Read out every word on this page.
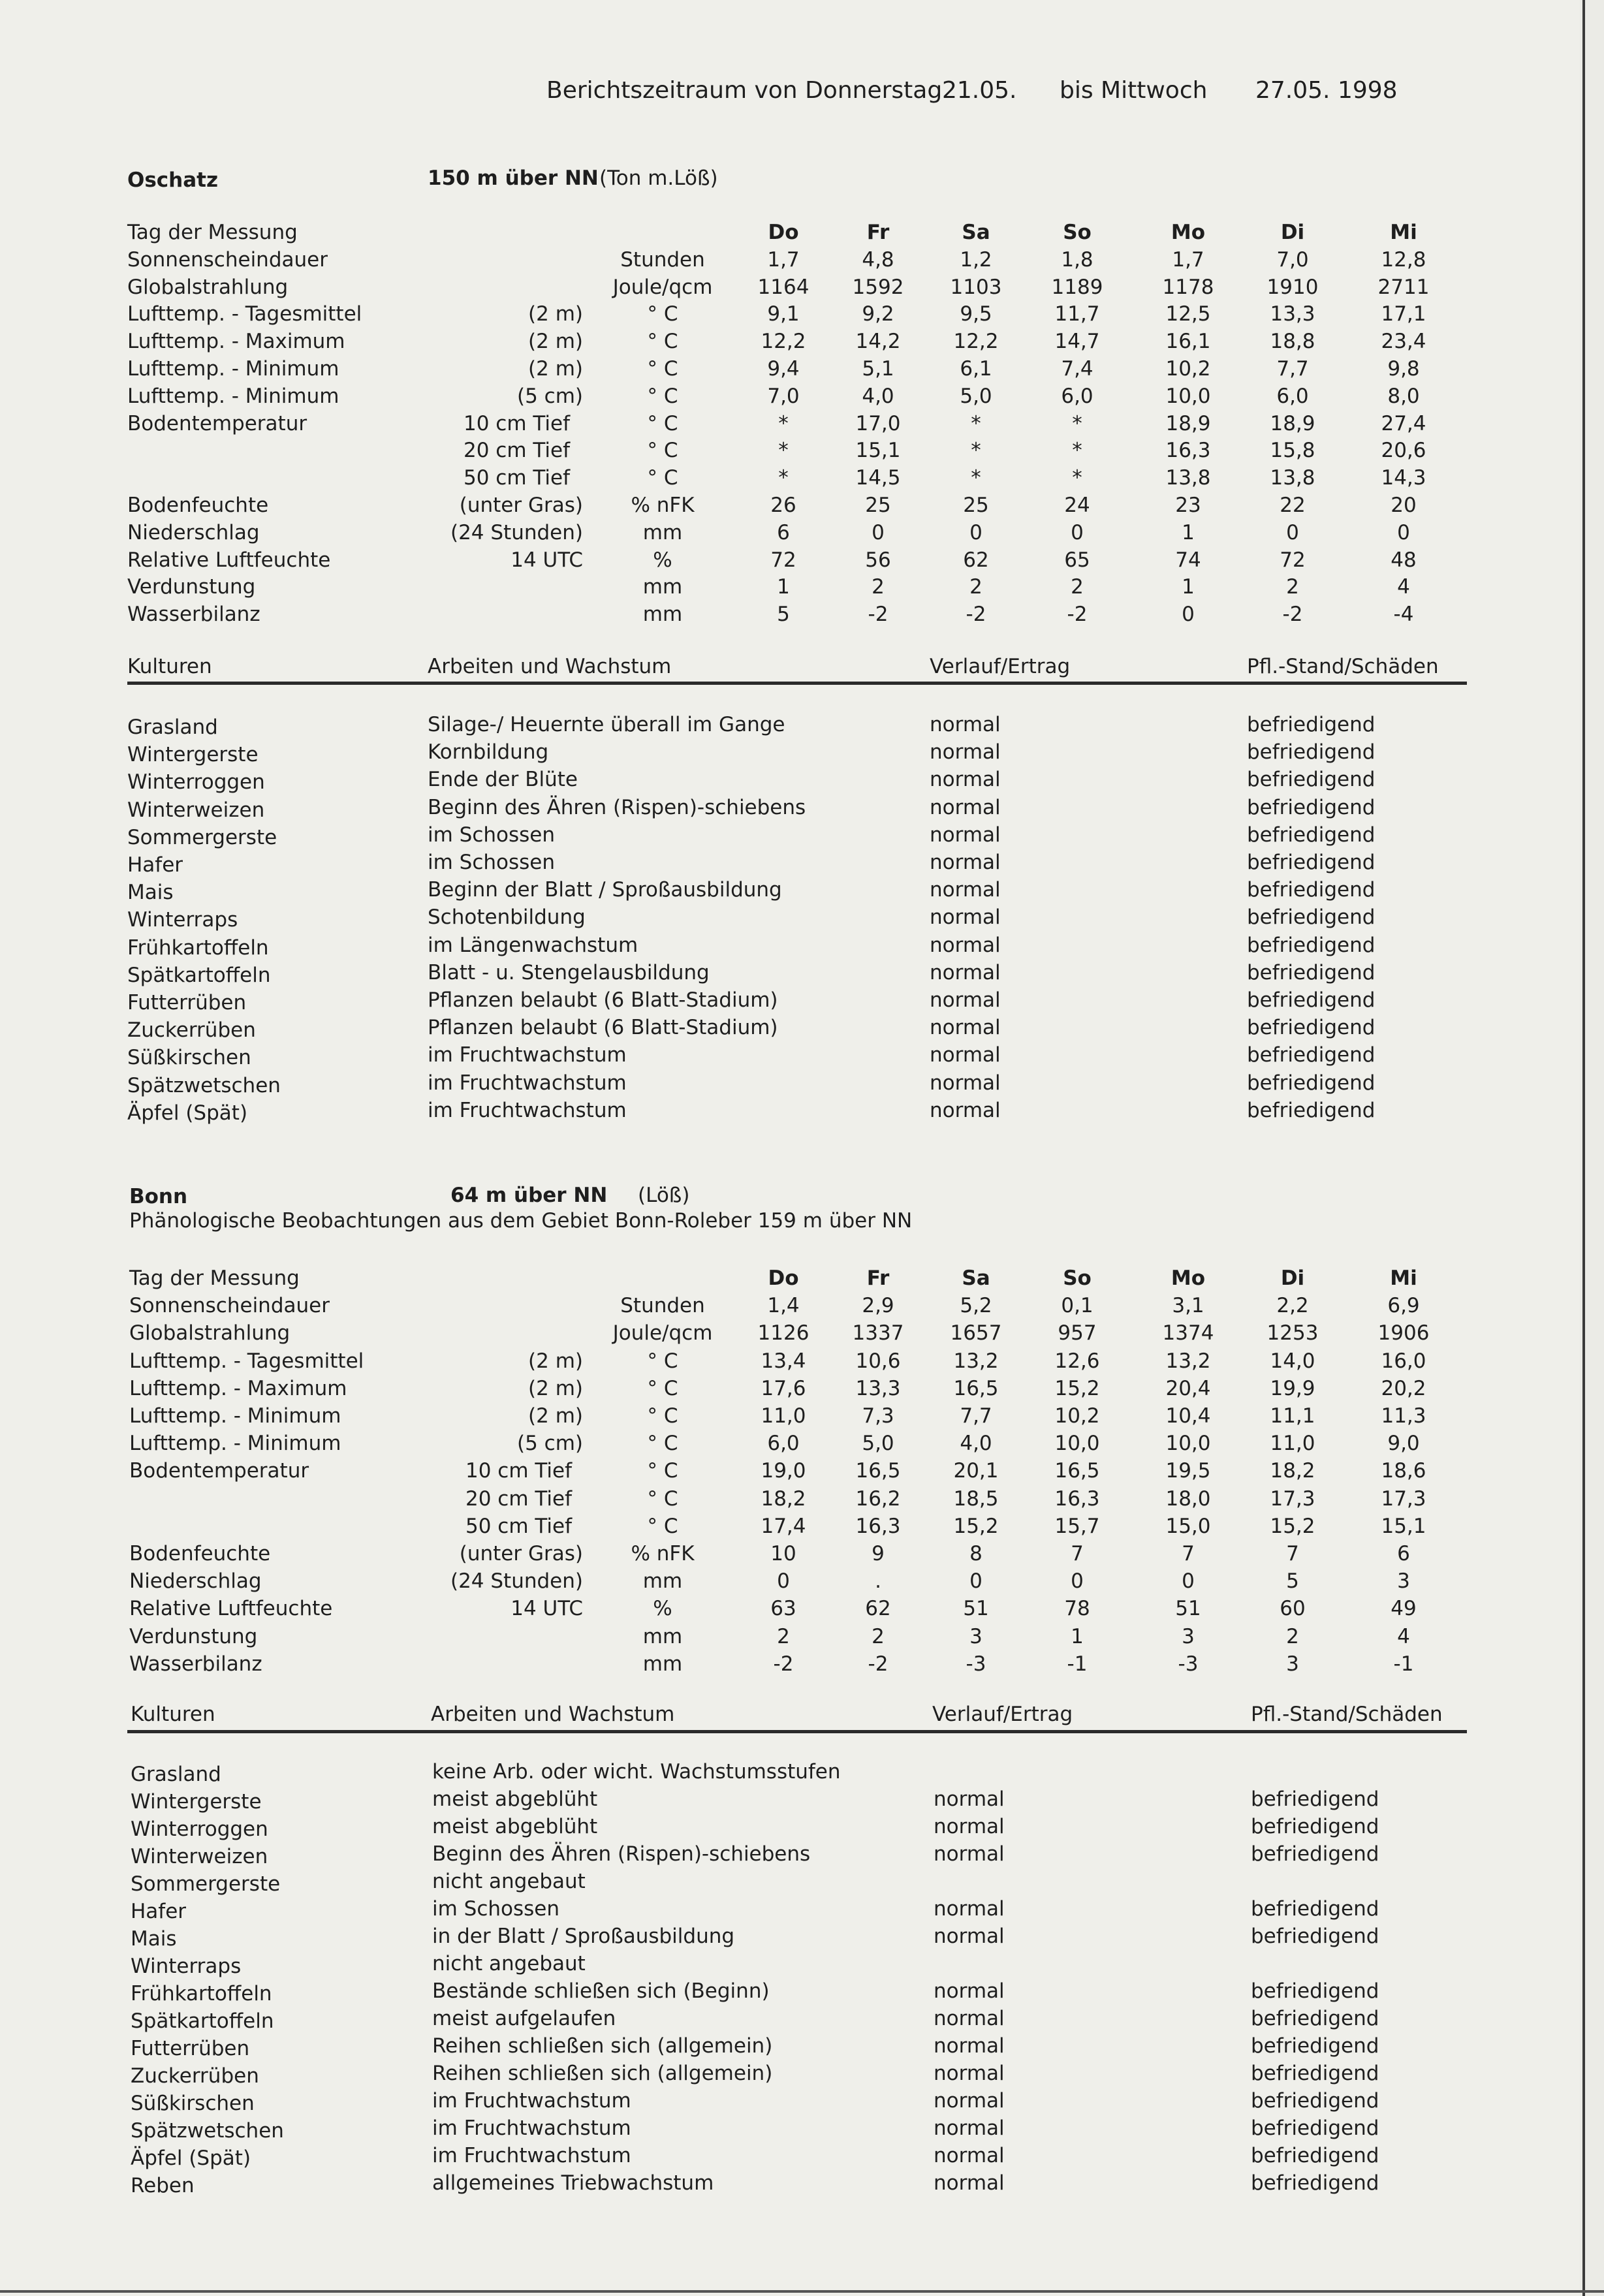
Berichtszeitraum von Donnerstag

21.05.

bis Mittwoch

27.05. 1998

Oschatz	150 m über NN (Ton m.Löß)
Tag der Messung	Do	Fr	Sa	So	Mo	Di	Mi
Sonnenscheindauer	Stunden	1,7	4,8	1,2	1,8	1,7	7,0	12,8
Globalstrahlung	Joule/qcm	1164	1592	1103	1189	1178	1910	2711
Lufttemp. - Tagesmittel	(2 m)	° C	9,1	9,2	9,5	11,7	12,5	13,3	17,1
Lufttemp. - Maximum	(2 m)	° C	12,2	14,2	12,2	14,7	16,1	18,8	23,4
Lufttemp. - Minimum	(2 m)	° C	9,4	5,1	6,1	7,4	10,2	7,7	9,8
Lufttemp. - Minimum	(5 cm)	° C	7,0	4,0	5,0	6,0	10,0	6,0	8,0
Bodentemperatur	10 cm Tief	° C	*	17,0	*	*	18,9	18,9	27,4
20 cm Tief	° C	*	15,1	*	*	16,3	15,8	20,6
50 cm Tief	° C	*	14,5	*	*	13,8	13,8	14,3
Bodenfeuchte	(unter Gras)	% nFK	26	25	25	24	23	22	20
Niederschlag	(24 Stunden)	mm	6	0	0	0	1	0	0
Relative Luftfeuchte	14 UTC	%	72	56	62	65	74	72	48
Verdunstung	mm	1	2	2	2	1	2	4
Wasserbilanz	mm	5	-2	-2	-2	0	-2	-4
Kulturen	Arbeiten und Wachstum	Verlauf/Ertrag	Pfl.-Stand/Schäden
Grasland	Silage-/ Heuernte überall im Gange	normal	befriedigend
Wintergerste	Kornbildung	normal	befriedigend
Winterroggen	Ende der Blüte	normal	befriedigend
Winterweizen	Beginn des Ähren (Rispen)-schiebens	normal	befriedigend
Sommergerste	im Schossen	normal	befriedigend
Hafer	im Schossen	normal	befriedigend
Mais	Beginn der Blatt / Sproßausbildung	normal	befriedigend
Winterraps	Schotenbildung	normal	befriedigend
Frühkartoffeln	im Längenwachstum	normal	befriedigend
Spätkartoffeln	Blatt - u. Stengelausbildung	normal	befriedigend
Futterrüben	Pflanzen belaubt (6 Blatt-Stadium)	normal	befriedigend
Zuckerrüben	Pflanzen belaubt (6 Blatt-Stadium)	normal	befriedigend
Süßkirschen	im Fruchtwachstum	normal	befriedigend
Spätzwetschen	im Fruchtwachstum	normal	befriedigend
Äpfel (Spät)	im Fruchtwachstum	normal	befriedigend
Bonn	64 m über NN (Löß)
Phänologische Beobachtungen aus dem Gebiet Bonn-Roleber 159 m über NN
Tag der Messung	Do	Fr	Sa	So	Mo	Di	Mi
Sonnenscheindauer	Stunden	1,4	2,9	5,2	0,1	3,1	2,2	6,9
Globalstrahlung	Joule/qcm	1126	1337	1657	957	1374	1253	1906
Lufttemp. - Tagesmittel	(2 m)	° C	13,4	10,6	13,2	12,6	13,2	14,0	16,0
Lufttemp. - Maximum	(2 m)	° C	17,6	13,3	16,5	15,2	20,4	19,9	20,2
Lufttemp. - Minimum	(2 m)	° C	11,0	7,3	7,7	10,2	10,4	11,1	11,3
Lufttemp. - Minimum	(5 cm)	° C	6,0	5,0	4,0	10,0	10,0	11,0	9,0
Bodentemperatur	10 cm Tief	° C	19,0	16,5	20,1	16,5	19,5	18,2	18,6
20 cm Tief	° C	18,2	16,2	18,5	16,3	18,0	17,3	17,3
50 cm Tief	° C	17,4	16,3	15,2	15,7	15,0	15,2	15,1
Bodenfeuchte	(unter Gras)	% nFK	10	9	8	7	7	7	6
Niederschlag	(24 Stunden)	mm	0	.	0	0	0	5	3
Relative Luftfeuchte	14 UTC	%	63	62	51	78	51	60	49
Verdunstung	mm	2	2	3	1	3	2	4
Wasserbilanz	mm	-2	-2	-3	-1	-3	3	-1
Kulturen	Arbeiten und Wachstum	Verlauf/Ertrag	Pfl.-Stand/Schäden
Grasland	keine Arb. oder wicht. Wachstumsstufen
Wintergerste	meist abgeblüht	normal	befriedigend
Winterroggen	meist abgeblüht	normal	befriedigend
Winterweizen	Beginn des Ähren (Rispen)-schiebens	normal	befriedigend
Sommergerste	nicht angebaut
Hafer	im Schossen	normal	befriedigend
Mais	in der Blatt / Sproßausbildung	normal	befriedigend
Winterraps	nicht angebaut
Frühkartoffeln	Bestände schließen sich (Beginn)	normal	befriedigend
Spätkartoffeln	meist aufgelaufen	normal	befriedigend
Futterrüben	Reihen schließen sich (allgemein)	normal	befriedigend
Zuckerrüben	Reihen schließen sich (allgemein)	normal	befriedigend
Süßkirschen	im Fruchtwachstum	normal	befriedigend
Spätzwetschen	im Fruchtwachstum	normal	befriedigend
Äpfel (Spät)	im Fruchtwachstum	normal	befriedigend
Reben	allgemeines Triebwachstum	normal	befriedigend
